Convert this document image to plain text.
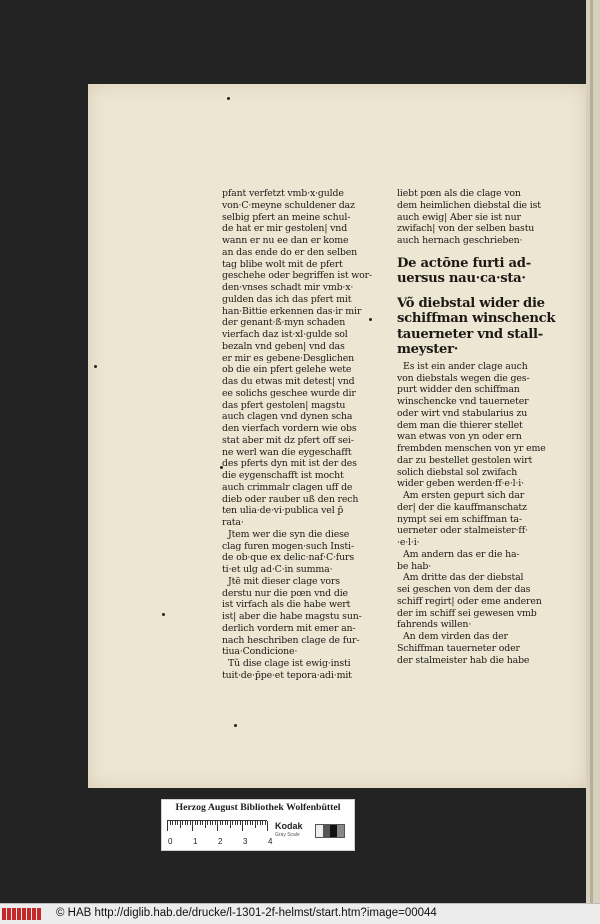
pfant verfetzt vmb·x·gulde
von·C·meyne schuldener daz
selbig pfert an meine schul‐
de hat er mir gestolen| vnd
wann er nu ee dan er kome
an das ende do er den selben
tag blibe wolt mit de pfert
geschehe oder begriffen ist wor‐
den·vnses schadt mir vmb·x·
gulden das ich das pfert mit
han·Bittie erkennen das·ir mir
der genant·ß·myn schaden
vierfach daz ist·xl·gulde sol
bezaln vnd geben| vnd das
er mir es gebene·Desglichen
ob die ein pfert gelehe wete
das du etwas mit detest| vnd
ee solichs geschee wurde dir
das pfert gestolen| magstu
auch clagen vnd dynen scha
den vierfach vordern wie obs
stat aber mit dz pfert off sei‐
ne werl wan die eygeschafft
des pferts dyn mit ist der des
die eygenschafft ist mocht
auch crimmalr clagen uff de
dieb oder rauber uß den rech
ten ulia·de·vi·publica vel p̄
rata·
Jtem wer die syn die diese
clag furen mogen·such Insti‐
de ob·que ex delic·naf·C·furs
ti·et ulg ad·C·in summa·
Jtē mit dieser clage vors
derstu nur die pœn vnd die
ist virfach als die habe wert
ist| aber die habe magstu sun‐
derlich vordern mit emer an‐
nach heschriben clage de fur‐
tiua·Condicione·
Tŭ dise clage ist ewig·insti
tuit·de·p̄pe·et tepora·adi·mit
liebt pœn als die clage von
dem heimlichen diebstal die ist
auch ewig| Aber sie ist nur
zwifach| von der selben bastu
auch hernach geschrieben·
De actōne furti ad‐
uersus nau·ca·sta·
Võ diebstal wider die
schiffman winschenck
tauerneter vnd stall‐
meyster·
Es ist ein ander clage auch
von diebstals wegen die ges‐
purt widder den schiffman
winschencke vnd tauerneter
oder wirt vnd stabularius zu
dem man die thierer stellet
wan etwas von yn oder ern
frembden menschen von yr eme
dar zu bestellet gestolen wirt
solich diebstal sol zwifach
wider geben werden·ff·e·l·i·
Am ersten gepurt sich dar
der| der die kauffmanschatz
nympt sei em schiffman ta‐
uerneter oder stalmeister·ff·
·e·l·i·
Am andern das er die ha‐
be hab·
Am dritte das der diebstal
sei geschen von dem der das
schiff regirt| oder eme anderen
der im schiff sei gewesen vmb
fahrends willen·
An dem virden das der
Schiffman tauerneter oder
der stalmeister hab die habe
Herzog August Bibliothek Wolfenbüttel
0	1	2	3	4
Kodak
Gray Scale
© HAB http://diglib.hab.de/drucke/l-1301-2f-helmst/start.htm?image=00044
